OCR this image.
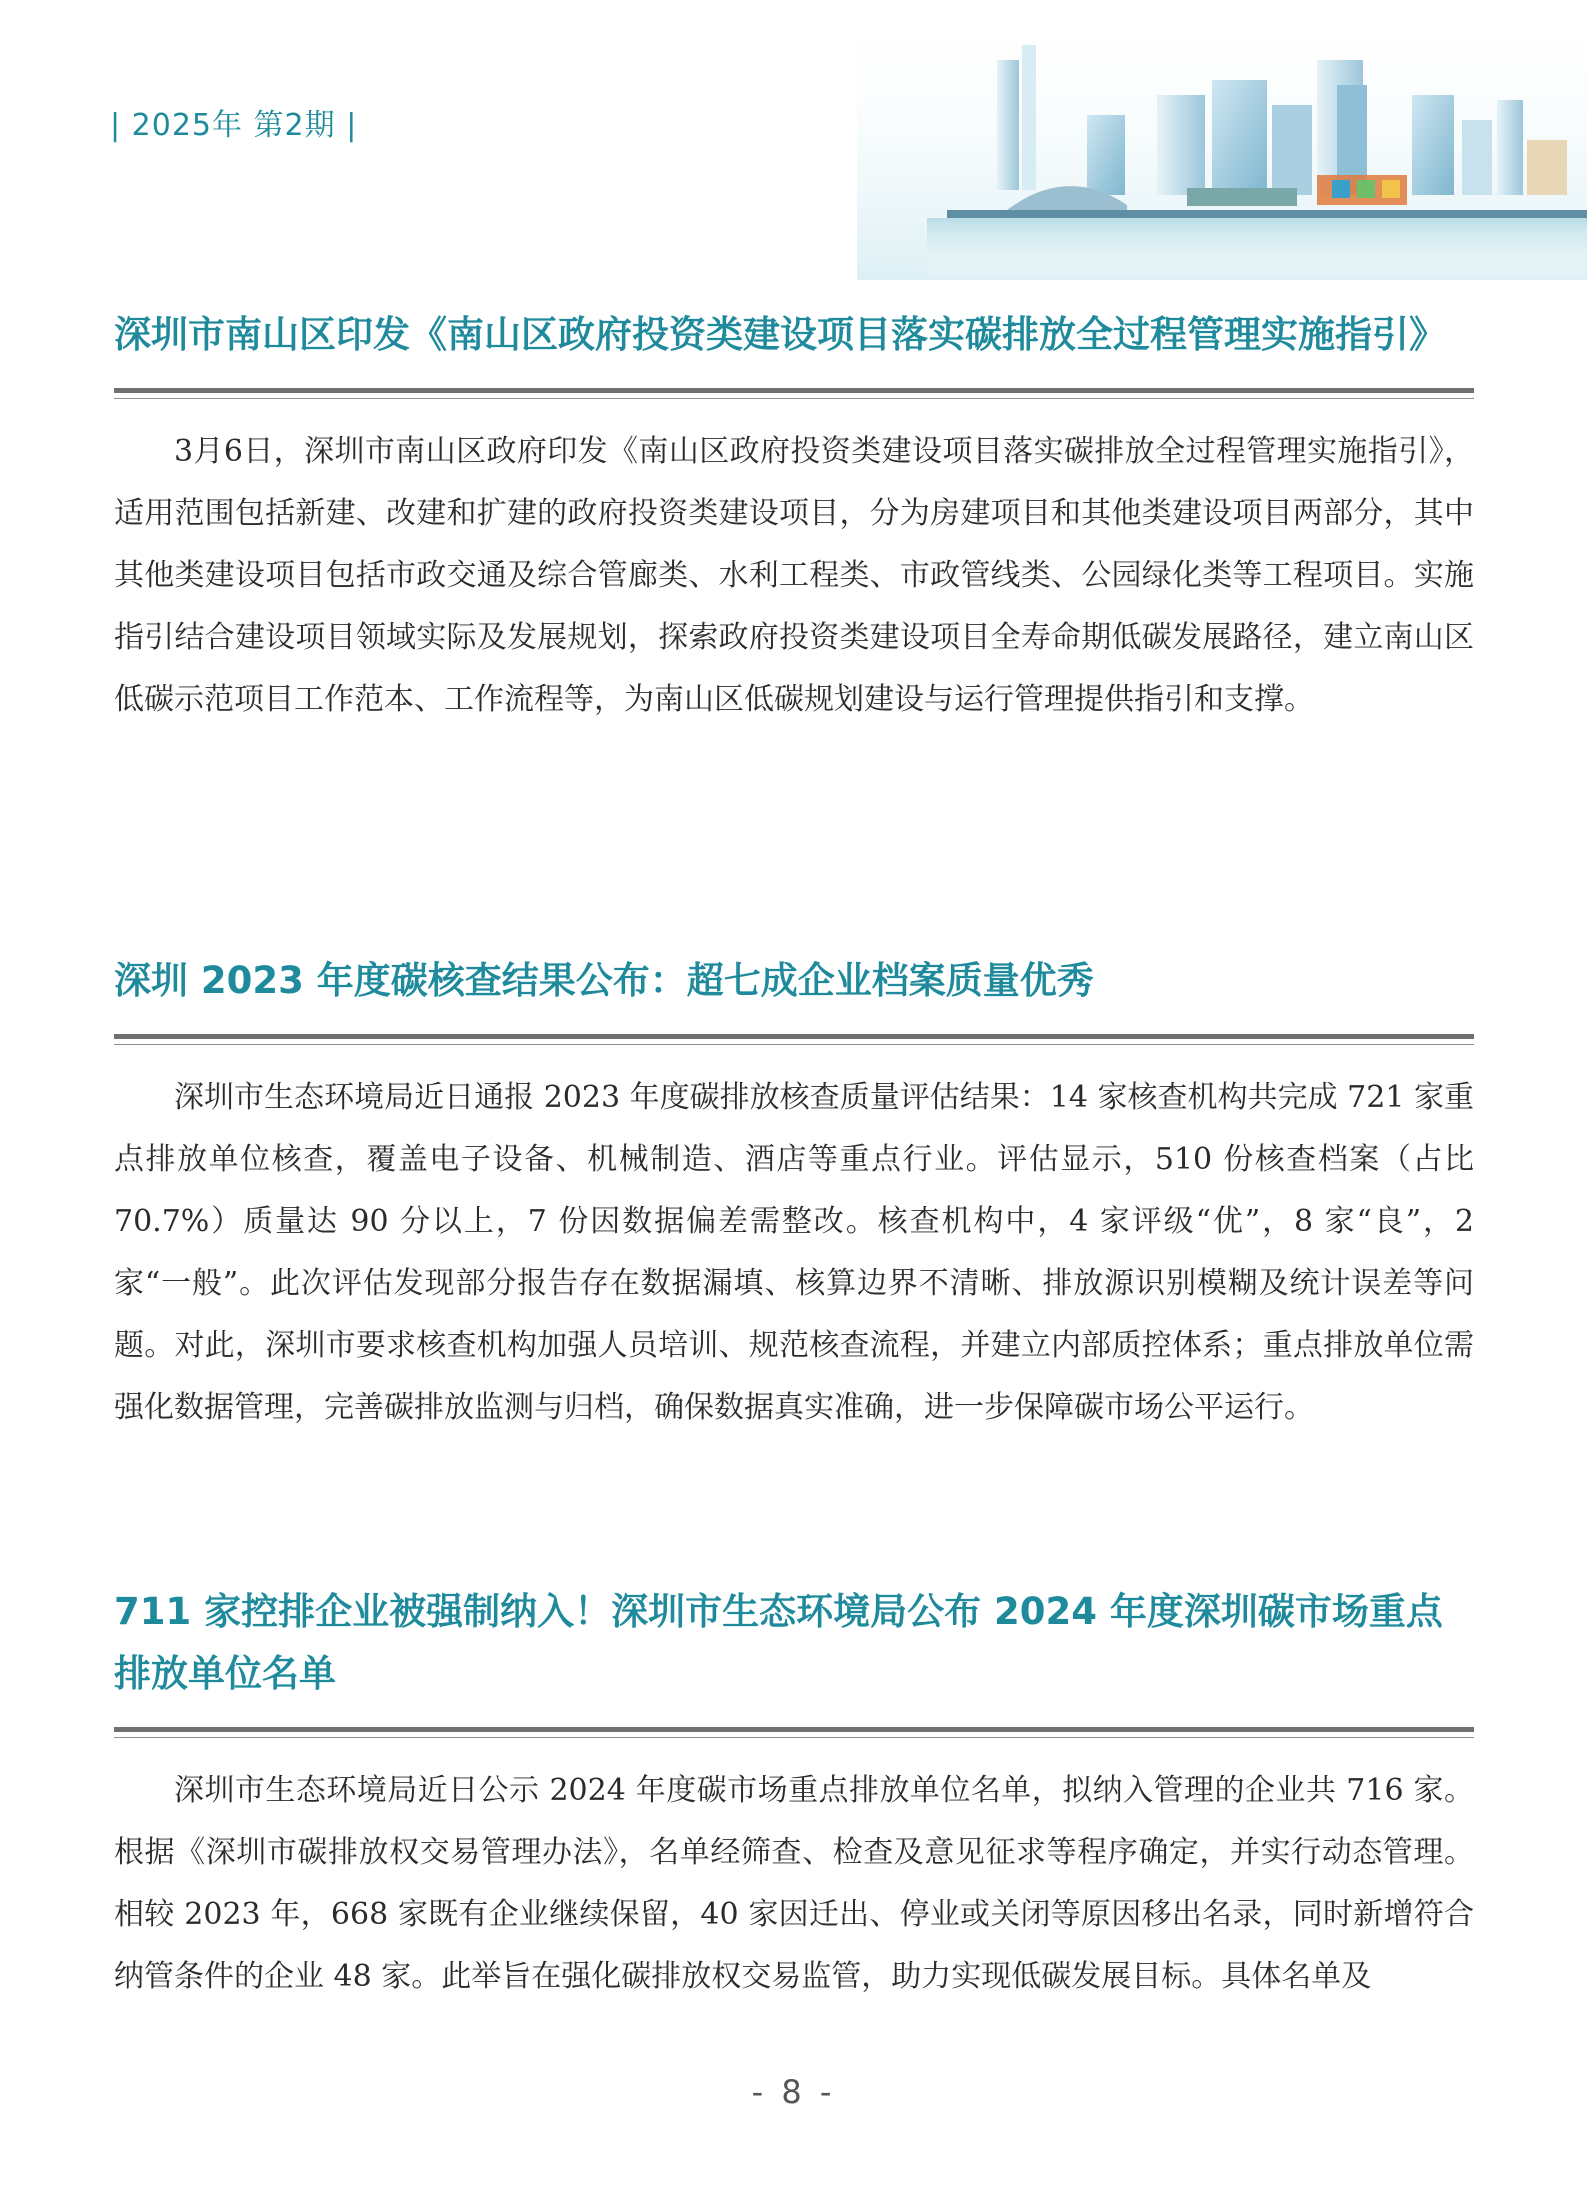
| 2025年 第2期 |
深圳市南山区印发《南山区政府投资类建设项目落实碳排放全过程管理实施指引》

3月6日，深圳市南山区政府印发《南山区政府投资类建设项目落实碳排放全过程管理实施指引》，适用范围包括新建、改建和扩建的政府投资类建设项目，分为房建项目和其他类建设项目两部分，其中其他类建设项目包括市政交通及综合管廊类、水利工程类、市政管线类、公园绿化类等工程项目。实施指引结合建设项目领域实际及发展规划，探索政府投资类建设项目全寿命期低碳发展路径，建立南山区低碳示范项目工作范本、工作流程等，为南山区低碳规划建设与运行管理提供指引和支撑。

深圳 2023 年度碳核查结果公布：超七成企业档案质量优秀

深圳市生态环境局近日通报 2023 年度碳排放核查质量评估结果：14 家核查机构共完成 721 家重点排放单位核查，覆盖电子设备、机械制造、酒店等重点行业。评估显示，510 份核查档案（占比 70.7%）质量达 90 分以上，7 份因数据偏差需整改。核查机构中，4 家评级“优”，8 家“良”，2 家“一般”。此次评估发现部分报告存在数据漏填、核算边界不清晰、排放源识别模糊及统计误差等问题。对此，深圳市要求核查机构加强人员培训、规范核查流程，并建立内部质控体系；重点排放单位需强化数据管理，完善碳排放监测与归档，确保数据真实准确，进一步保障碳市场公平运行。

711 家控排企业被强制纳入！深圳市生态环境局公布 2024 年度深圳碳市场重点排放单位名单

深圳市生态环境局近日公示 2024 年度碳市场重点排放单位名单，拟纳入管理的企业共 716 家。根据《深圳市碳排放权交易管理办法》，名单经筛查、检查及意见征求等程序确定，并实行动态管理。相较 2023 年，668 家既有企业继续保留，40 家因迁出、停业或关闭等原因移出名录，同时新增符合纳管条件的企业 48 家。此举旨在强化碳排放权交易监管，助力实现低碳发展目标。具体名单及

- 8 -
